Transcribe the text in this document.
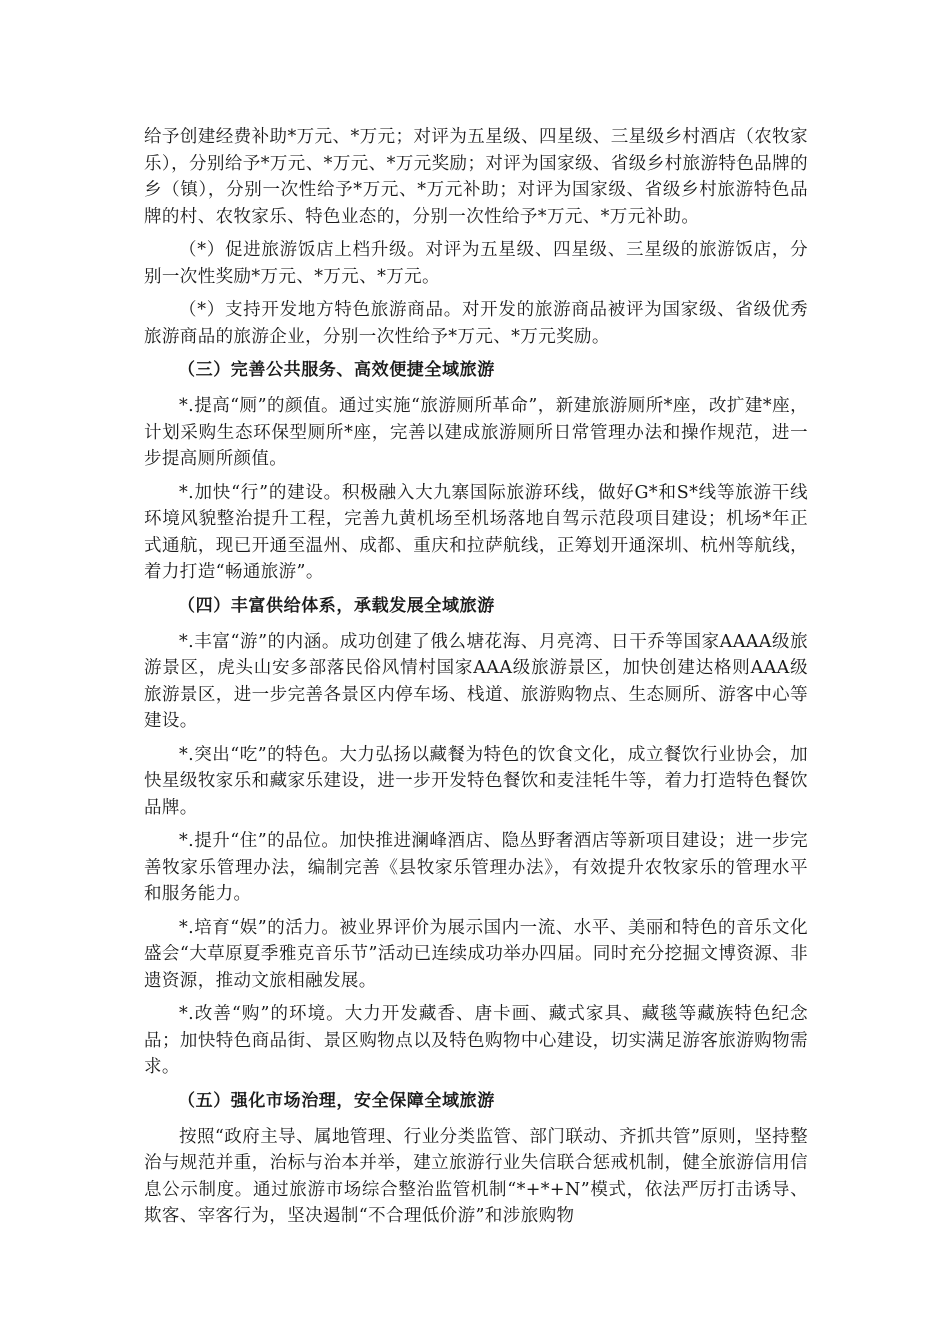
给予创建经费补助*万元、*万元；对评为五星级、四星级、三星级乡村酒店（农牧家乐），分别给予*万元、*万元、*万元奖励；对评为国家级、省级乡村旅游特色品牌的乡（镇），分别一次性给予*万元、*万元补助；对评为国家级、省级乡村旅游特色品牌的村、农牧家乐、特色业态的，分别一次性给予*万元、*万元补助。

（*）促进旅游饭店上档升级。对评为五星级、四星级、三星级的旅游饭店，分别一次性奖励*万元、*万元、*万元。

（*）支持开发地方特色旅游商品。对开发的旅游商品被评为国家级、省级优秀旅游商品的旅游企业，分别一次性给予*万元、*万元奖励。

（三）完善公共服务、高效便捷全域旅游

*.提高“厕”的颜值。通过实施“旅游厕所革命”，新建旅游厕所*座，改扩建*座，计划采购生态环保型厕所*座，完善以建成旅游厕所日常管理办法和操作规范，进一步提高厕所颜值。

*.加快“行”的建设。积极融入大九寨国际旅游环线，做好G*和S*线等旅游干线环境风貌整治提升工程，完善九黄机场至机场落地自驾示范段项目建设；机场*年正式通航，现已开通至温州、成都、重庆和拉萨航线，正筹划开通深圳、杭州等航线，着力打造“畅通旅游”。

（四）丰富供给体系，承载发展全域旅游

*.丰富“游”的内涵。成功创建了俄么塘花海、月亮湾、日干乔等国家AAAA级旅游景区，虎头山安多部落民俗风情村国家AAA级旅游景区，加快创建达格则AAA级旅游景区，进一步完善各景区内停车场、栈道、旅游购物点、生态厕所、游客中心等建设。

*.突出“吃”的特色。大力弘扬以藏餐为特色的饮食文化，成立餐饮行业协会，加快星级牧家乐和藏家乐建设，进一步开发特色餐饮和麦洼牦牛等，着力打造特色餐饮品牌。

*.提升“住”的品位。加快推进澜峰酒店、隐丛野奢酒店等新项目建设；进一步完善牧家乐管理办法，编制完善《县牧家乐管理办法》，有效提升农牧家乐的管理水平和服务能力。

*.培育“娱”的活力。被业界评价为展示国内一流、水平、美丽和特色的音乐文化盛会“大草原夏季雅克音乐节”活动已连续成功举办四届。同时充分挖掘文博资源、非遗资源，推动文旅相融发展。

*.改善“购”的环境。大力开发藏香、唐卡画、藏式家具、藏毯等藏族特色纪念品；加快特色商品街、景区购物点以及特色购物中心建设，切实满足游客旅游购物需求。

（五）强化市场治理，安全保障全域旅游

按照“政府主导、属地管理、行业分类监管、部门联动、齐抓共管”原则，坚持整治与规范并重，治标与治本并举，建立旅游行业失信联合惩戒机制，健全旅游信用信息公示制度。通过旅游市场综合整治监管机制“*+*+N”模式，依法严厉打击诱导、欺客、宰客行为，坚决遏制“不合理低价游”和涉旅购物
